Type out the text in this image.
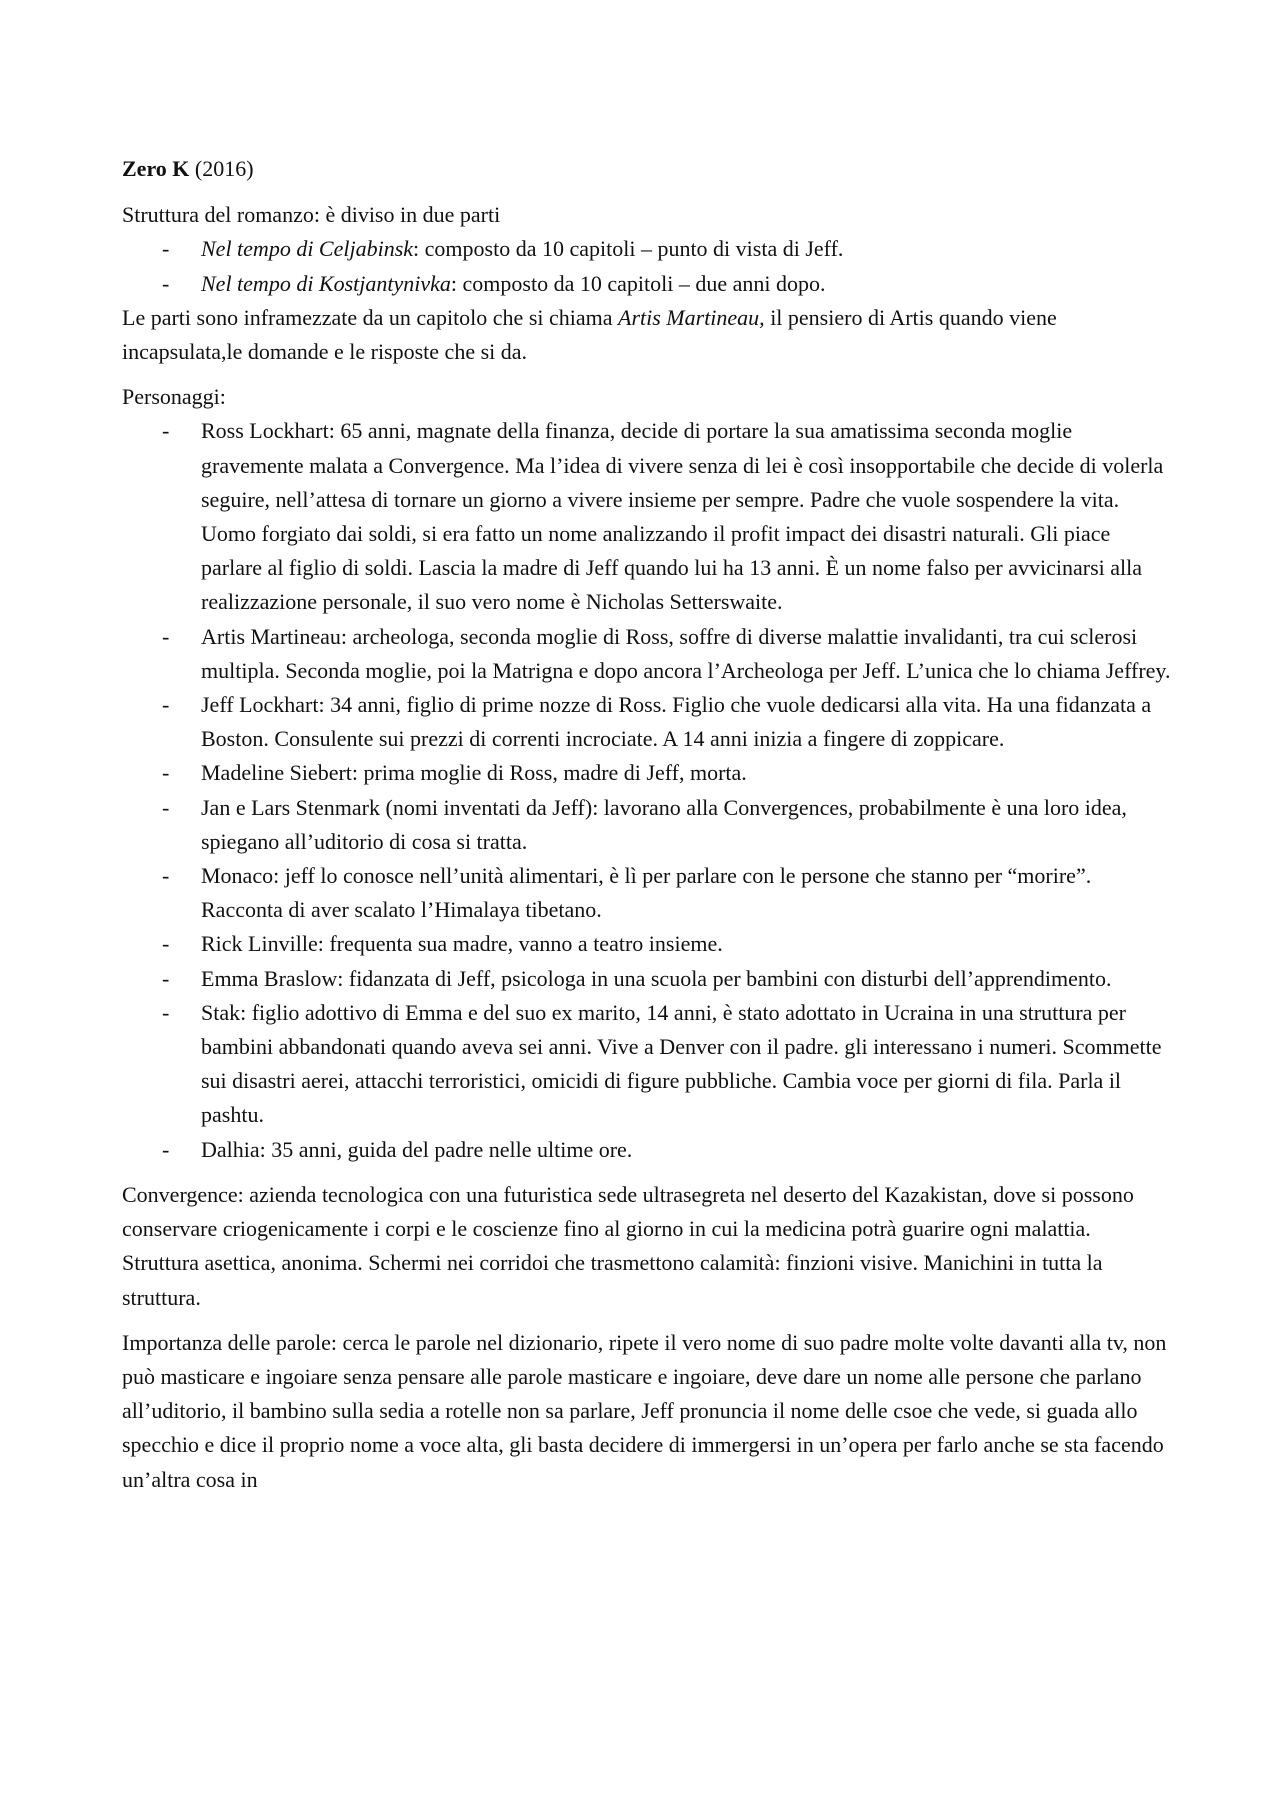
Zero K (2016)

Struttura del romanzo: è diviso in due parti

- Nel tempo di Celjabinsk: composto da 10 capitoli – punto di vista di Jeff.
- Nel tempo di Kostjantynivka: composto da 10 capitoli – due anni dopo.

Le parti sono inframezzate da un capitolo che si chiama Artis Martineau, il pensiero di Artis quando viene incapsulata,le domande e le risposte che si da.

Personaggi:

- Ross Lockhart: 65 anni, magnate della finanza, decide di portare la sua amatissima seconda moglie gravemente malata a Convergence. Ma l’idea di vivere senza di lei è così insopportabile che decide di volerla seguire, nell’attesa di tornare un giorno a vivere insieme per sempre. Padre che vuole sospendere la vita. Uomo forgiato dai soldi, si era fatto un nome analizzando il profit impact dei disastri naturali. Gli piace parlare al figlio di soldi. Lascia la madre di Jeff quando lui ha 13 anni. È un nome falso per avvicinarsi alla realizzazione personale, il suo vero nome è Nicholas Setterswaite.
- Artis Martineau: archeologa, seconda moglie di Ross, soffre di diverse malattie invalidanti, tra cui sclerosi multipla. Seconda moglie, poi la Matrigna e dopo ancora l’Archeologa per Jeff. L’unica che lo chiama Jeffrey.
- Jeff Lockhart: 34 anni, figlio di prime nozze di Ross. Figlio che vuole dedicarsi alla vita. Ha una fidanzata a Boston. Consulente sui prezzi di correnti incrociate. A 14 anni inizia a fingere di zoppicare.
- Madeline Siebert: prima moglie di Ross, madre di Jeff, morta.
- Jan e Lars Stenmark (nomi inventati da Jeff): lavorano alla Convergences, probabilmente è una loro idea, spiegano all’uditorio di cosa si tratta.
- Monaco: jeff lo conosce nell’unità alimentari, è lì per parlare con le persone che stanno per “morire”. Racconta di aver scalato l’Himalaya tibetano.
- Rick Linville: frequenta sua madre, vanno a teatro insieme.
- Emma Braslow: fidanzata di Jeff, psicologa in una scuola per bambini con disturbi dell’apprendimento.
- Stak: figlio adottivo di Emma e del suo ex marito, 14 anni, è stato adottato in Ucraina in una struttura per bambini abbandonati quando aveva sei anni. Vive a Denver con il padre. gli interessano i numeri. Scommette sui disastri aerei, attacchi terroristici, omicidi di figure pubbliche. Cambia voce per giorni di fila. Parla il pashtu.
- Dalhia: 35 anni, guida del padre nelle ultime ore.

Convergence: azienda tecnologica con una futuristica sede ultrasegreta nel deserto del Kazakistan, dove si possono conservare criogenicamente i corpi e le coscienze fino al giorno in cui la medicina potrà guarire ogni malattia. Struttura asettica, anonima. Schermi nei corridoi che trasmettono calamità: finzioni visive. Manichini in tutta la struttura.

Importanza delle parole: cerca le parole nel dizionario, ripete il vero nome di suo padre molte volte davanti alla tv, non può masticare e ingoiare senza pensare alle parole masticare e ingoiare, deve dare un nome alle persone che parlano all’uditorio, il bambino sulla sedia a rotelle non sa parlare, Jeff pronuncia il nome delle csoe che vede, si guada allo specchio e dice il proprio nome a voce alta, gli basta decidere di immergersi in un’opera per farlo anche se sta facendo un’altra cosa in
